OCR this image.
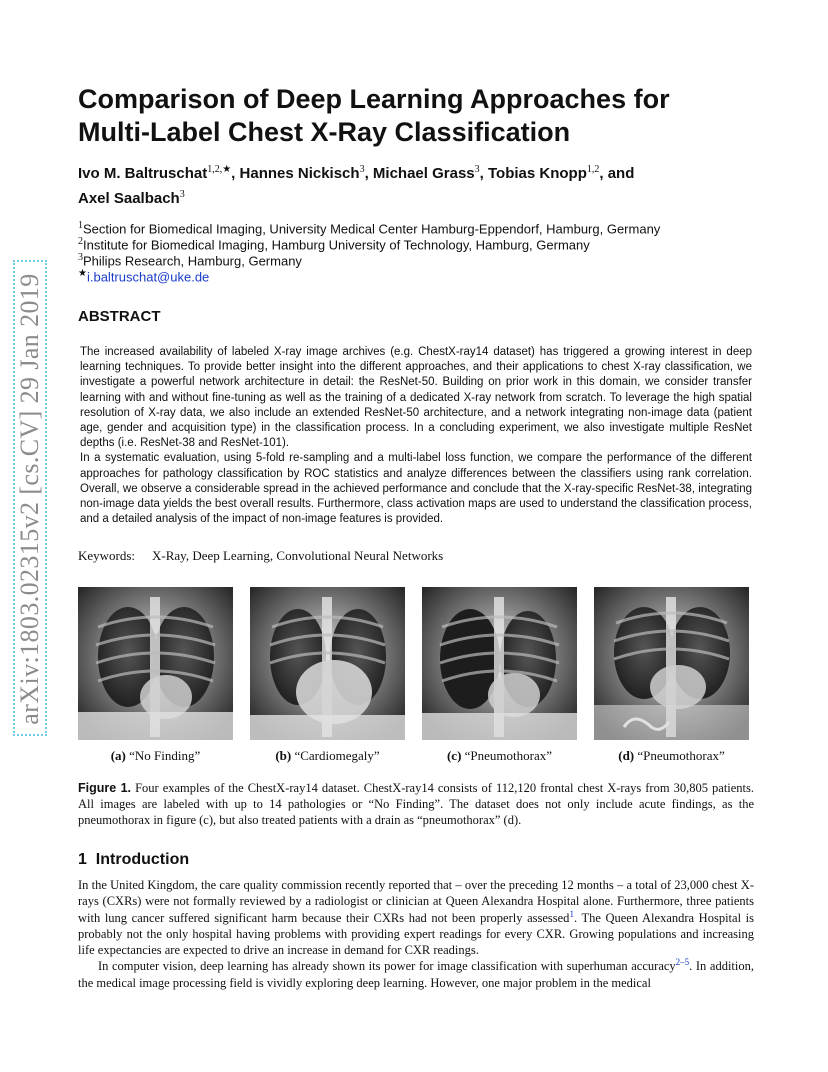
arXiv:1803.02315v2 [cs.CV] 29 Jan 2019
Comparison of Deep Learning Approaches for
Multi-Label Chest X-Ray Classification
Ivo M. Baltruschat$^{1,2,★}$, Hannes Nickisch$^3$, Michael Grass$^3$, Tobias Knopp$^{1,2}$, and
Axel Saalbach$^3$
$^1$Section for Biomedical Imaging, University Medical Center Hamburg-Eppendorf, Hamburg, Germany
$^2$Institute for Biomedical Imaging, Hamburg University of Technology, Hamburg, Germany
$^3$Philips Research, Hamburg, Germany
★i.baltruschat@uke.de
ABSTRACT

The increased availability of labeled X-ray image archives (e.g. ChestX-ray14 dataset) has triggered a growing interest in deep learning techniques. To provide better insight into the different approaches, and their applications to chest X-ray classification, we investigate a powerful network architecture in detail: the ResNet-50. Building on prior work in this domain, we consider transfer learning with and without fine-tuning as well as the training of a dedicated X-ray network from scratch. To leverage the high spatial resolution of X-ray data, we also include an extended ResNet-50 architecture, and a network integrating non-image data (patient age, gender and acquisition type) in the classification process. In a concluding experiment, we also investigate multiple ResNet depths (i.e. ResNet-38 and ResNet-101).

In a systematic evaluation, using 5-fold re-sampling and a multi-label loss function, we compare the performance of the different approaches for pathology classification by ROC statistics and analyze differences between the classifiers using rank correlation. Overall, we observe a considerable spread in the achieved performance and conclude that the X-ray-specific ResNet-38, integrating non-image data yields the best overall results. Furthermore, class activation maps are used to understand the classification process, and a detailed analysis of the impact of non-image features is provided.

Keywords: X-Ray, Deep Learning, Convolutional Neural Networks
(a) “No Finding”	(b) “Cardiomegaly”	(c) “Pneumothorax”	(d) “Pneumothorax”
Figure 1. Four examples of the ChestX-ray14 dataset. ChestX-ray14 consists of 112,120 frontal chest X-rays from 30,805 patients. All images are labeled with up to 14 pathologies or “No Finding”. The dataset does not only include acute findings, as the pneumothorax in figure (c), but also treated patients with a drain as “pneumothorax” (d).
1 Introduction

In the United Kingdom, the care quality commission recently reported that – over the preceding 12 months – a total of 23,000 chest X-rays (CXRs) were not formally reviewed by a radiologist or clinician at Queen Alexandra Hospital alone. Furthermore, three patients with lung cancer suffered significant harm because their CXRs had not been properly assessed$^1$. The Queen Alexandra Hospital is probably not the only hospital having problems with providing expert readings for every CXR. Growing populations and increasing life expectancies are expected to drive an increase in demand for CXR readings.

In computer vision, deep learning has already shown its power for image classification with superhuman accuracy$^{2-5}$. In addition, the medical image processing field is vividly exploring deep learning. However, one major problem in the medical
